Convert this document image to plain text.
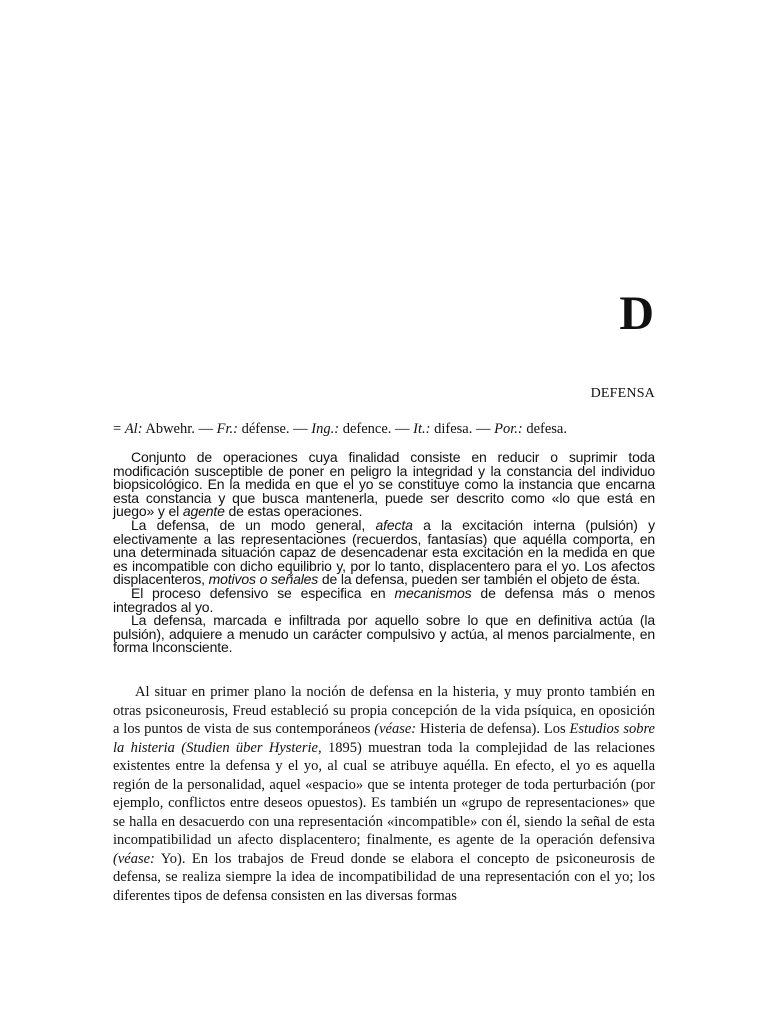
D
DEFENSA
= Al: Abwehr. — Fr.: défense. — Ing.: defence. — It.: difesa. — Por.: defesa.

Conjunto de operaciones cuya finalidad consiste en reducir o suprimir toda modificación susceptible de poner en peligro la integridad y la constancia del individuo biopsicológico. En la medida en que el yo se constituye como la instancia que encarna esta constancia y que busca mantenerla, puede ser descrito como «lo que está en juego» y el agente de estas operaciones.

La defensa, de un modo general, afecta a la excitación interna (pulsión) y electivamente a las representaciones (recuerdos, fantasías) que aquélla comporta, en una determinada situación capaz de desencadenar esta excitación en la medida en que es incompatible con dicho equilibrio y, por lo tanto, displacentero para el yo. Los afectos displacenteros, motivos o señales de la defensa, pueden ser también el objeto de ésta.

El proceso defensivo se especifica en mecanismos de defensa más o menos integrados al yo.

La defensa, marcada e infiltrada por aquello sobre lo que en definitiva actúa (la pulsión), adquiere a menudo un carácter compulsivo y actúa, al menos parcialmente, en forma Inconsciente.

Al situar en primer plano la noción de defensa en la histeria, y muy pronto también en otras psiconeurosis, Freud estableció su propia concepción de la vida psíquica, en oposición a los puntos de vista de sus contemporáneos (véase: Histeria de defensa). Los Estudios sobre la histeria (Studien über Hysterie, 1895) muestran toda la complejidad de las relaciones existentes entre la defensa y el yo, al cual se atribuye aquélla. En efecto, el yo es aquella región de la personalidad, aquel «espacio» que se intenta proteger de toda perturbación (por ejemplo, conflictos entre deseos opuestos). Es también un «grupo de representaciones» que se halla en desacuerdo con una representación «incompatible» con él, siendo la señal de esta incompatibilidad un afecto displacentero; finalmente, es agente de la operación defensiva (véase: Yo). En los trabajos de Freud donde se elabora el concepto de psiconeurosis de defensa, se realiza siempre la idea de incompatibilidad de una representación con el yo; los diferentes tipos de defensa consisten en las diversas formas
